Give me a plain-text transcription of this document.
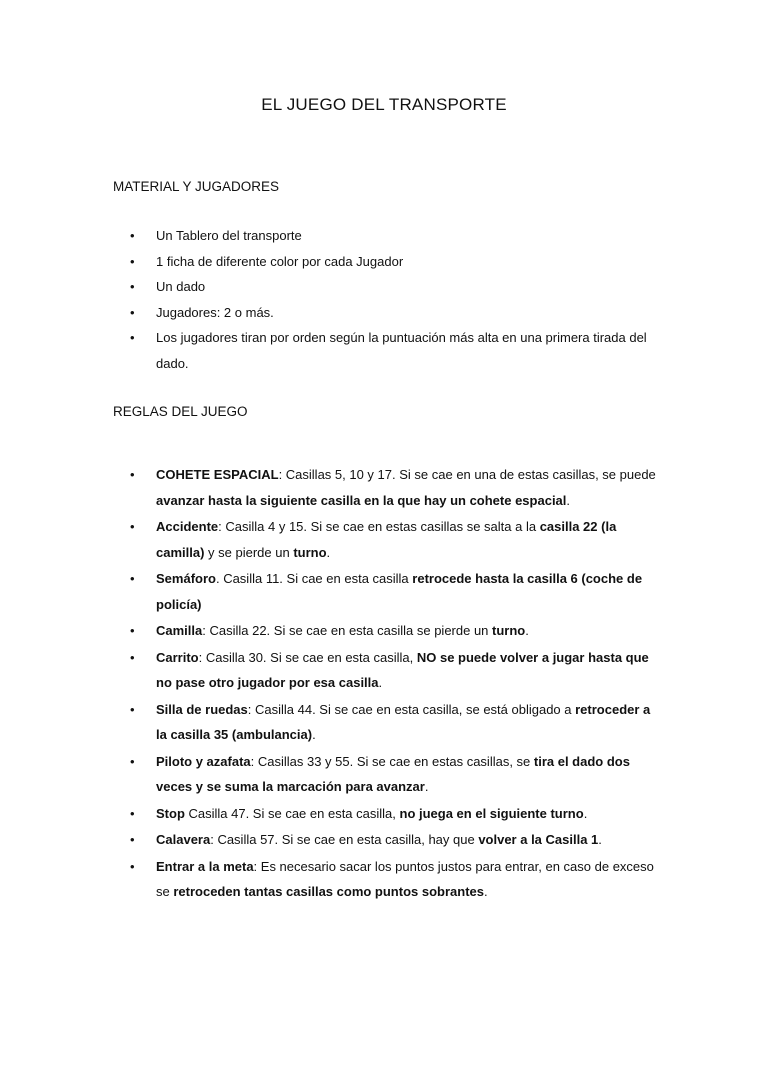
EL JUEGO DEL TRANSPORTE
MATERIAL Y JUGADORES
• Un Tablero del transporte
• 1 ficha de diferente color por cada Jugador
• Un dado
• Jugadores: 2 o más.
• Los jugadores tiran por orden según la puntuación más alta en una primera tirada del dado.
REGLAS DEL JUEGO
• COHETE ESPACIAL: Casillas 5, 10 y 17. Si se cae en una de estas casillas, se puede avanzar hasta la siguiente casilla en la que hay un cohete espacial.
• Accidente: Casilla 4 y 15. Si se cae en estas casillas se salta a la casilla 22 (la camilla) y se pierde un turno.
• Semáforo. Casilla 11. Si cae en esta casilla retrocede hasta la casilla 6 (coche de policía)
• Camilla: Casilla 22. Si se cae en esta casilla se pierde un turno.
• Carrito: Casilla 30. Si se cae en esta casilla, NO se puede volver a jugar hasta que no pase otro jugador por esa casilla.
• Silla de ruedas: Casilla 44. Si se cae en esta casilla, se está obligado a retroceder a la casilla 35 (ambulancia).
• Piloto y azafata: Casillas 33 y 55. Si se cae en estas casillas, se tira el dado dos veces y se suma la marcación para avanzar.
• Stop Casilla 47. Si se cae en esta casilla, no juega en el siguiente turno.
• Calavera: Casilla 57. Si se cae en esta casilla, hay que volver a la Casilla 1.
• Entrar a la meta: Es necesario sacar los puntos justos para entrar, en caso de exceso se retroceden tantas casillas como puntos sobrantes.
